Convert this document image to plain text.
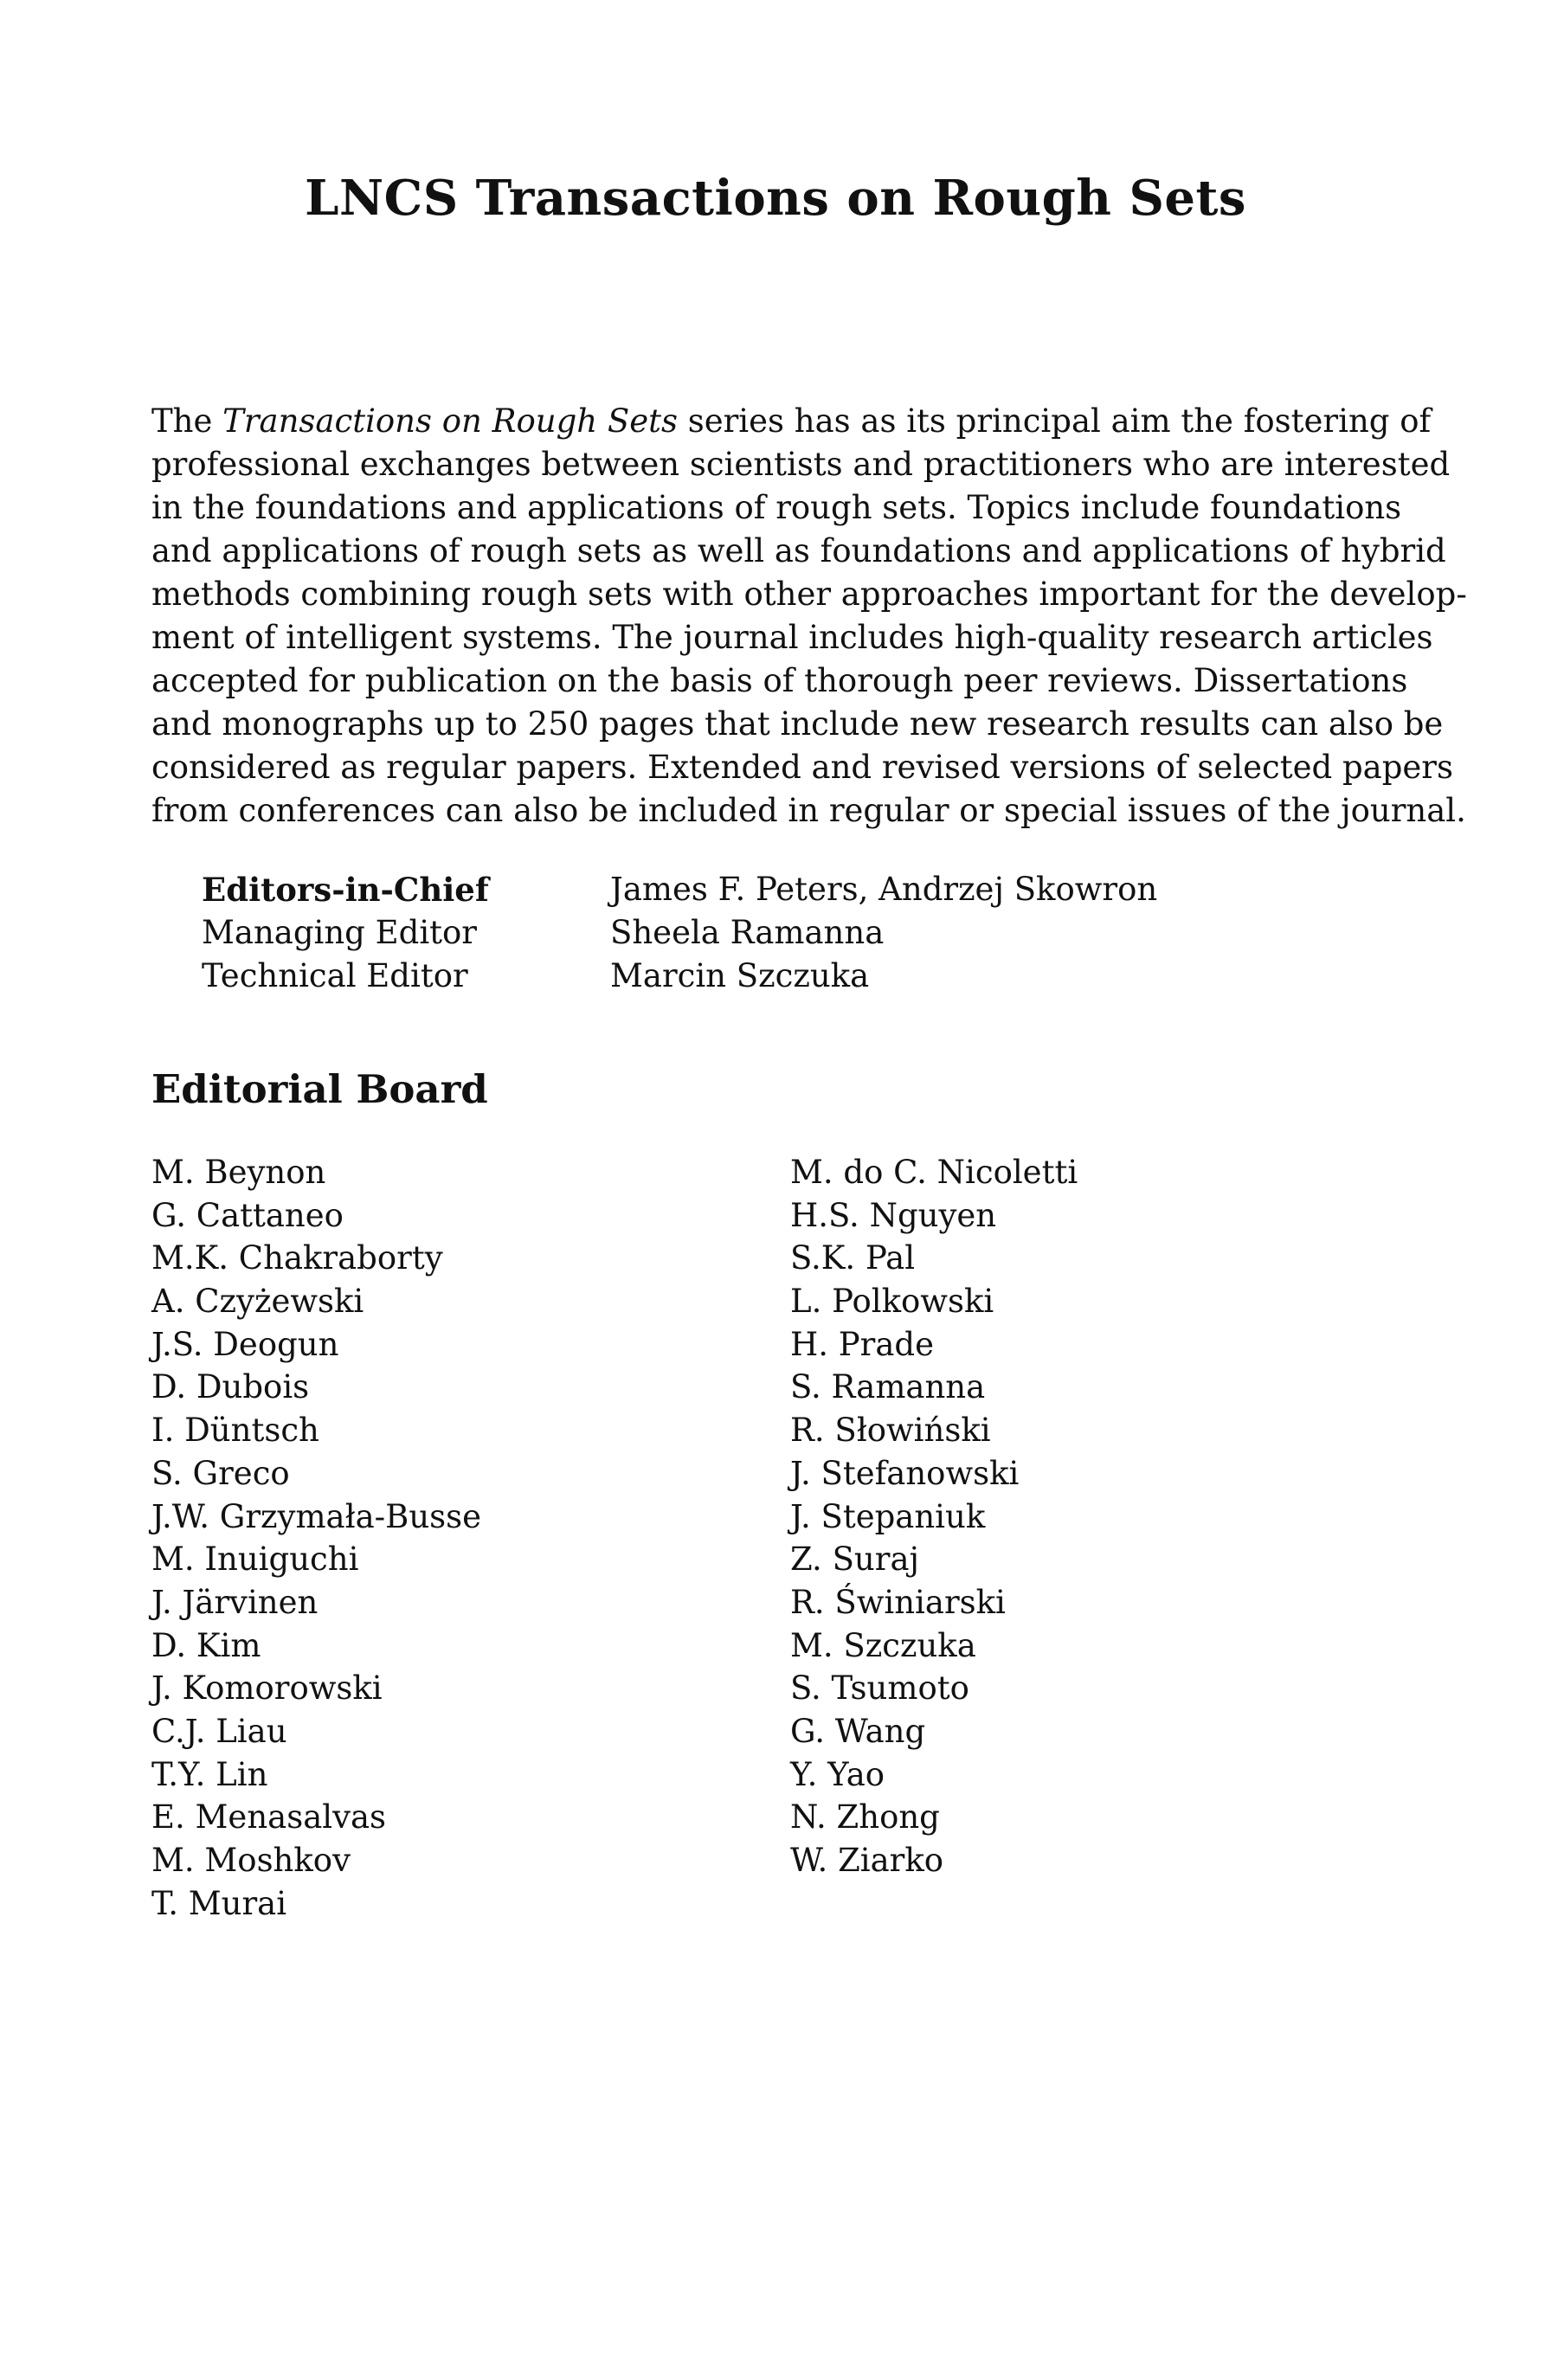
LNCS Transactions on Rough Sets
The Transactions on Rough Sets series has as its principal aim the fostering of
professional exchanges between scientists and practitioners who are interested
in the foundations and applications of rough sets. Topics include foundations
and applications of rough sets as well as foundations and applications of hybrid
methods combining rough sets with other approaches important for the develop-
ment of intelligent systems. The journal includes high-quality research articles
accepted for publication on the basis of thorough peer reviews. Dissertations
and monographs up to 250 pages that include new research results can also be
considered as regular papers. Extended and revised versions of selected papers
from conferences can also be included in regular or special issues of the journal.
Editors-in-Chief	James F. Peters, Andrzej Skowron
Managing Editor	Sheela Ramanna
Technical Editor	Marcin Szczuka
Editorial Board
M. Beynon
G. Cattaneo
M.K. Chakraborty
A. Czyżewski
J.S. Deogun
D. Dubois
I. Düntsch
S. Greco
J.W. Grzymała-Busse
M. Inuiguchi
J. Järvinen
D. Kim
J. Komorowski
C.J. Liau
T.Y. Lin
E. Menasalvas
M. Moshkov
T. Murai
M. do C. Nicoletti
H.S. Nguyen
S.K. Pal
L. Polkowski
H. Prade
S. Ramanna
R. Słowiński
J. Stefanowski
J. Stepaniuk
Z. Suraj
R. Świniarski
M. Szczuka
S. Tsumoto
G. Wang
Y. Yao
N. Zhong
W. Ziarko
